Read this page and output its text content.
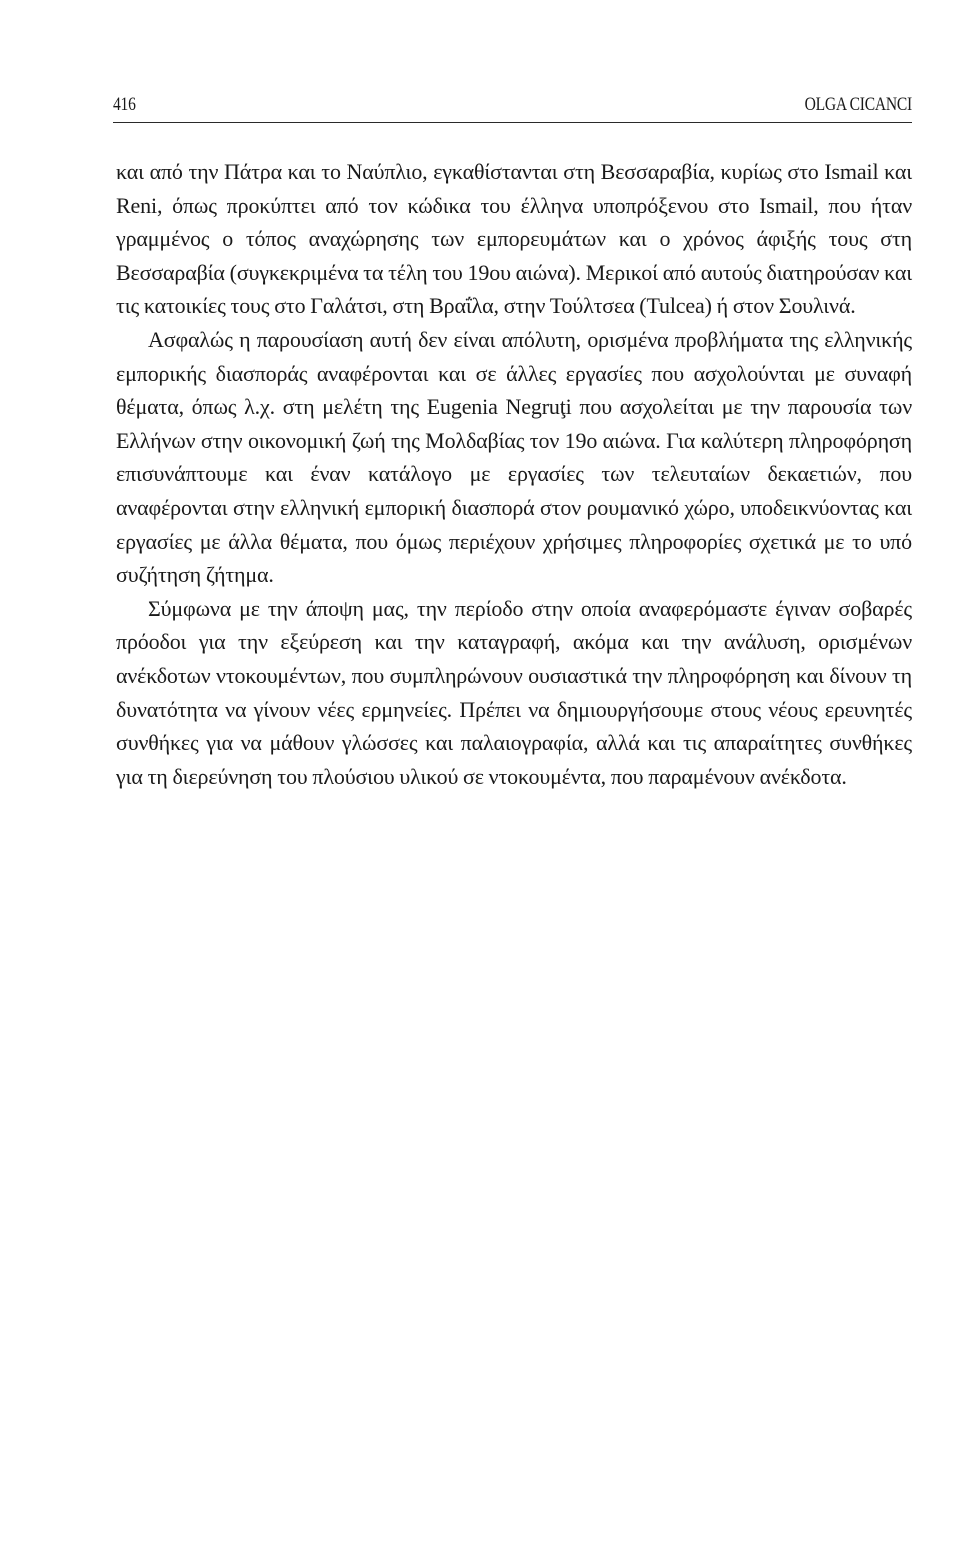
416	OLGA CICANCI

και από την Πάτρα και το Ναύπλιο, εγκαθίστανται στη Βεσσαραβία, κυρίως στο Ismail και Reni, όπως προκύπτει από τον κώδικα του έλληνα υποπρόξενου στο Ismail, που ήταν γραμμένος ο τόπος αναχώρησης των εμπορευμάτων και ο χρόνος άφιξής τους στη Βεσσαραβία (συγκεκριμένα τα τέλη του 19ου αιώνα). Μερικοί από αυτούς διατηρούσαν και τις κατοικίες τους στο Γαλάτσι, στη Βραΐλα, στην Τούλτσεα (Tulcea) ή στον Σουλινά.

Ασφαλώς η παρουσίαση αυτή δεν είναι απόλυτη, ορισμένα προβλήματα της ελληνικής εμπορικής διασποράς αναφέρονται και σε άλλες εργασίες που ασχολούνται με συναφή θέματα, όπως λ.χ. στη μελέτη της Eugenia Negruţi που ασχολείται με την παρουσία των Ελλήνων στην οικονομική ζωή της Μολδαβίας τον 19ο αιώνα. Για καλύτερη πληροφόρηση επισυνάπτουμε και έναν κατάλογο με εργασίες των τελευταίων δεκαετιών, που αναφέρονται στην ελληνική εμπορική διασπορά στον ρουμανικό χώρο, υποδεικνύοντας και εργασίες με άλλα θέματα, που όμως περιέχουν χρήσιμες πληροφορίες σχετικά με το υπό συζήτηση ζήτημα.

Σύμφωνα με την άποψη μας, την περίοδο στην οποία αναφερόμαστε έγιναν σοβαρές πρόοδοι για την εξεύρεση και την καταγραφή, ακόμα και την ανάλυση, ορισμένων ανέκδοτων ντοκουμέντων, που συμπληρώνουν ουσιαστικά την πληροφόρηση και δίνουν τη δυνατότητα να γίνουν νέες ερμηνείες. Πρέπει να δημιουργήσουμε στους νέους ερευνητές συνθήκες για να μάθουν γλώσσες και παλαιογραφία, αλλά και τις απαραίτητες συνθήκες για τη διερεύνηση του πλούσιου υλικού σε ντοκουμέντα, που παραμένουν ανέκδοτα.
